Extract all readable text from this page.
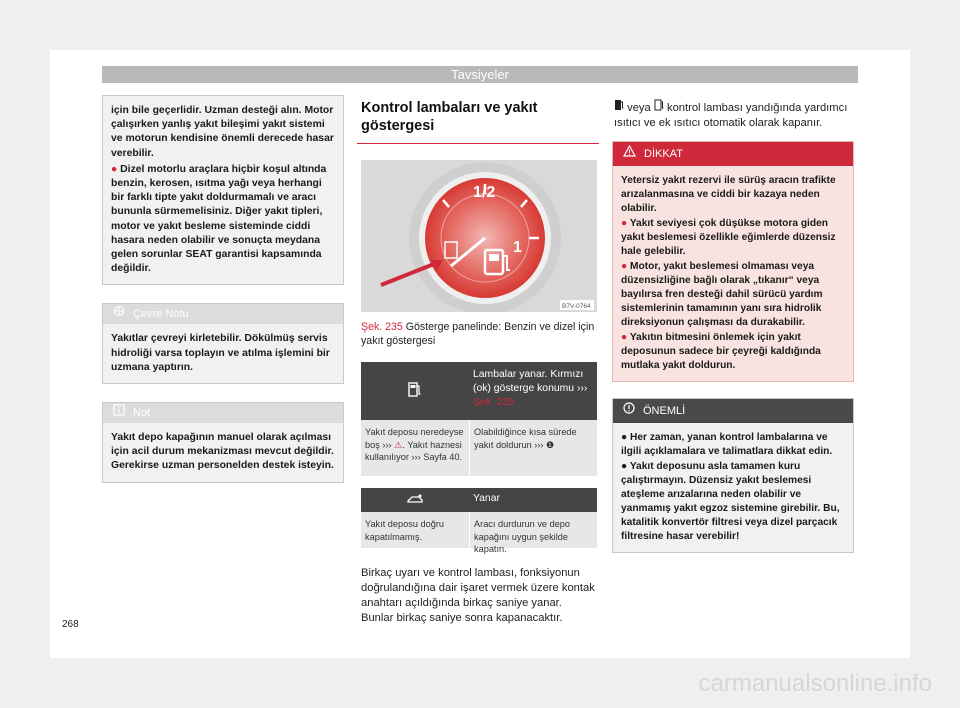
Tavsiyeler
için bile geçerlidir. Uzman desteği alın. Motor çalışırken yanlış yakıt bileşimi yakıt sistemi ve motorun kendisine önemli derecede hasar verebilir.
● Dizel motorlu araçlara hiçbir koşul altında benzin, kerosen, ısıtma yağı veya herhangi bir farklı tipte yakıt doldurmamalı ve aracı bununla sürmemelisiniz. Diğer yakıt tipleri, motor ve yakıt besleme sisteminde ciddi hasara neden olabilir ve sonuçta meydana gelen sorunlar SEAT garantisi kapsamında değildir.
Çevre Notu
Yakıtlar çevreyi kirletebilir. Dökülmüş servis hidroliği varsa toplayın ve atılma işlemini bir uzmana yaptırın.
Not
Yakıt depo kapağının manuel olarak açılması için acil durum mekanizması mevcut değildir. Gerekirse uzman personelden destek isteyin.
Kontrol lambaları ve yakıt göstergesi
1/2
1
B7V-0764
Şek. 235 Gösterge panelinde: Benzin ve dizel için yakıt göstergesi
Lambalar yanar. Kırmızı (ok) gösterge konumu ››› Şek. 235
Yakıt deposu neredeyse boş ››› ⚠. Yakıt haznesi kullanılıyor ››› Sayfa 40.
Olabildiğince kısa sürede yakıt doldurun ››› ❶
Yanar
Yakıt deposu doğru kapatılmamış.
Aracı durdurun ve depo kapağını uygun şekilde kapatın.
Birkaç uyarı ve kontrol lambası, fonksiyonun doğrulandığına dair işaret vermek üzere kontak anahtarı açıldığında birkaç saniye yanar. Bunlar birkaç saniye sonra kapanacaktır.
veya kontrol lambası yandığında yardımcı ısıtıcı ve ek ısıtıcı otomatik olarak kapanır.
DİKKAT
Yetersiz yakıt rezervi ile sürüş aracın trafikte arızalanmasına ve ciddi bir kazaya neden olabilir.
● Yakıt seviyesi çok düşükse motora giden yakıt beslemesi özellikle eğimlerde düzensiz hale gelebilir.
● Motor, yakıt beslemesi olmaması veya düzensizliğine bağlı olarak „tıkanır“ veya bayılırsa fren desteği dahil sürücü yardım sistemlerinin tamamının yanı sıra hidrolik direksiyonun çalışması da durakabilir.
● Yakıtın bitmesini önlemek için yakıt deposunun sadece bir çeyreği kaldığında mutlaka yakıt doldurun.
ÖNEMLİ
● Her zaman, yanan kontrol lambalarına ve ilgili açıklamalara ve talimatlara dikkat edin.
● Yakıt deposunu asla tamamen kuru çalıştırmayın. Düzensiz yakıt beslemesi ateşleme arızalarına neden olabilir ve yanmamış yakıt egzoz sistemine girebilir. Bu, katalitik konvertör filtresi veya dizel parçacık filtresine hasar verebilir!
268
carmanualsonline.info
